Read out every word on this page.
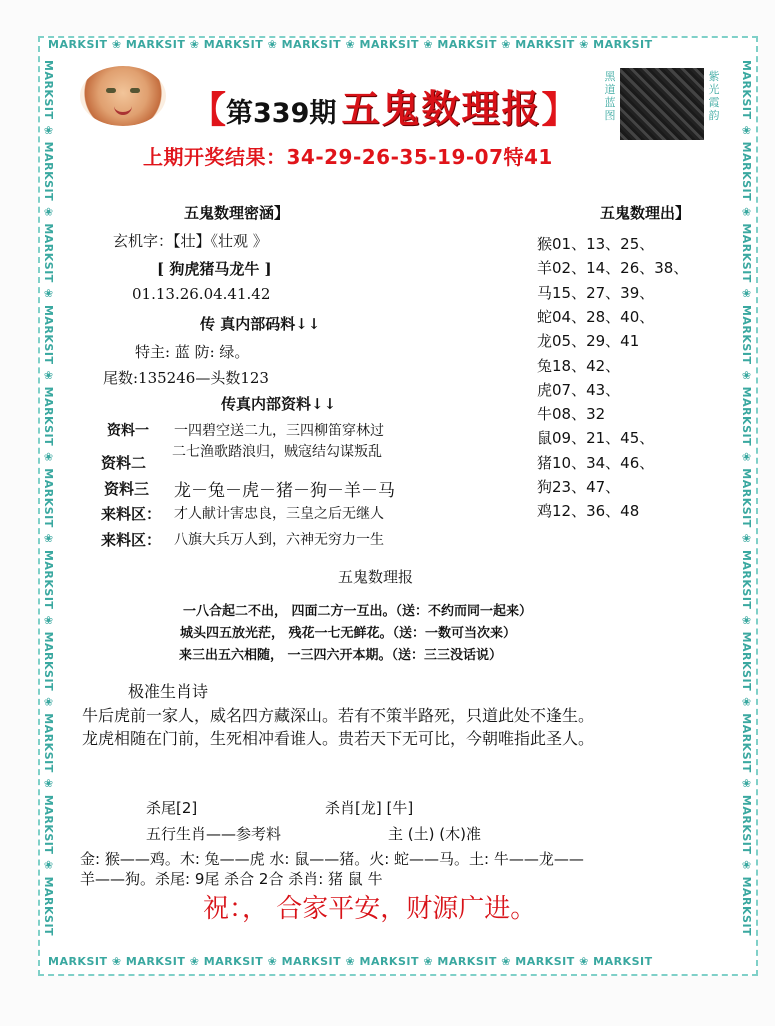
MARKSIT ❀ MARKSIT ❀ MARKSIT ❀ MARKSIT ❀ MARKSIT ❀ MARKSIT ❀ MARKSIT ❀ MARKSIT
MARKSIT ❀ MARKSIT ❀ MARKSIT ❀ MARKSIT ❀ MARKSIT ❀ MARKSIT ❀ MARKSIT ❀ MARKSIT
MARKSIT ❀ MARKSIT ❀ MARKSIT ❀ MARKSIT ❀ MARKSIT ❀ MARKSIT ❀ MARKSIT ❀ MARKSIT ❀ MARKSIT ❀ MARKSIT ❀ MARKSIT
MARKSIT ❀ MARKSIT ❀ MARKSIT ❀ MARKSIT ❀ MARKSIT ❀ MARKSIT ❀ MARKSIT ❀ MARKSIT ❀ MARKSIT ❀ MARKSIT ❀ MARKSIT
【第339期 五鬼数理报】
黑道蓝图
紫光霞韵
上期开奖结果：34-29-26-35-19-07特41
五鬼数理密涵】
玄机字：【壮】《壮观 》
[ 狗虎猪马龙牛 ]
01.13.26.04.41.42
传 真内部码料↓↓
特主: 蓝 防: 绿。
尾数:135246—头数123
传真内部资料↓↓
资料一 一四碧空送二九，三四柳笛穿林过
资料二
二七渔歌踏浪归，贼寇结勾谋叛乱
资料三 龙－兔－虎－猪－狗－羊－马
来料区： 才人献计害忠良，三皇之后无继人
来料区： 八旗大兵万人到，六神无穷力一生
五鬼数理出】
猴01、13、25、
羊02、14、26、38、
马15、27、39、
蛇04、28、40、
龙05、29、41
兔18、42、
虎07、43、
牛08、32
鼠09、21、45、
猪10、34、46、
狗23、47、
鸡12、36、48
五鬼数理报
一八合起二不出， 四面二方一互出。（送：不约而同一起来）
城头四五放光茫， 残花一七无鲜花。（送：一数可当次来）
来三出五六相随， 一三四六开本期。（送：三三没话说）
极准生肖诗
牛后虎前一家人，威名四方藏深山。若有不策半路死，只道此处不逢生。
龙虎相随在门前，生死相冲看谁人。贵若天下无可比，今朝唯指此圣人。
杀尾[2]	杀肖[龙] [牛]
五行生肖——参考料	主 (土) (木)准
金: 猴——鸡。木: 兔——虎 水: 鼠——猪。火: 蛇——马。土: 牛——龙——
羊——狗。杀尾: 9尾 杀合 2合 杀肖: 猪 鼠 牛
祝：， 合家平安，财源广进。
